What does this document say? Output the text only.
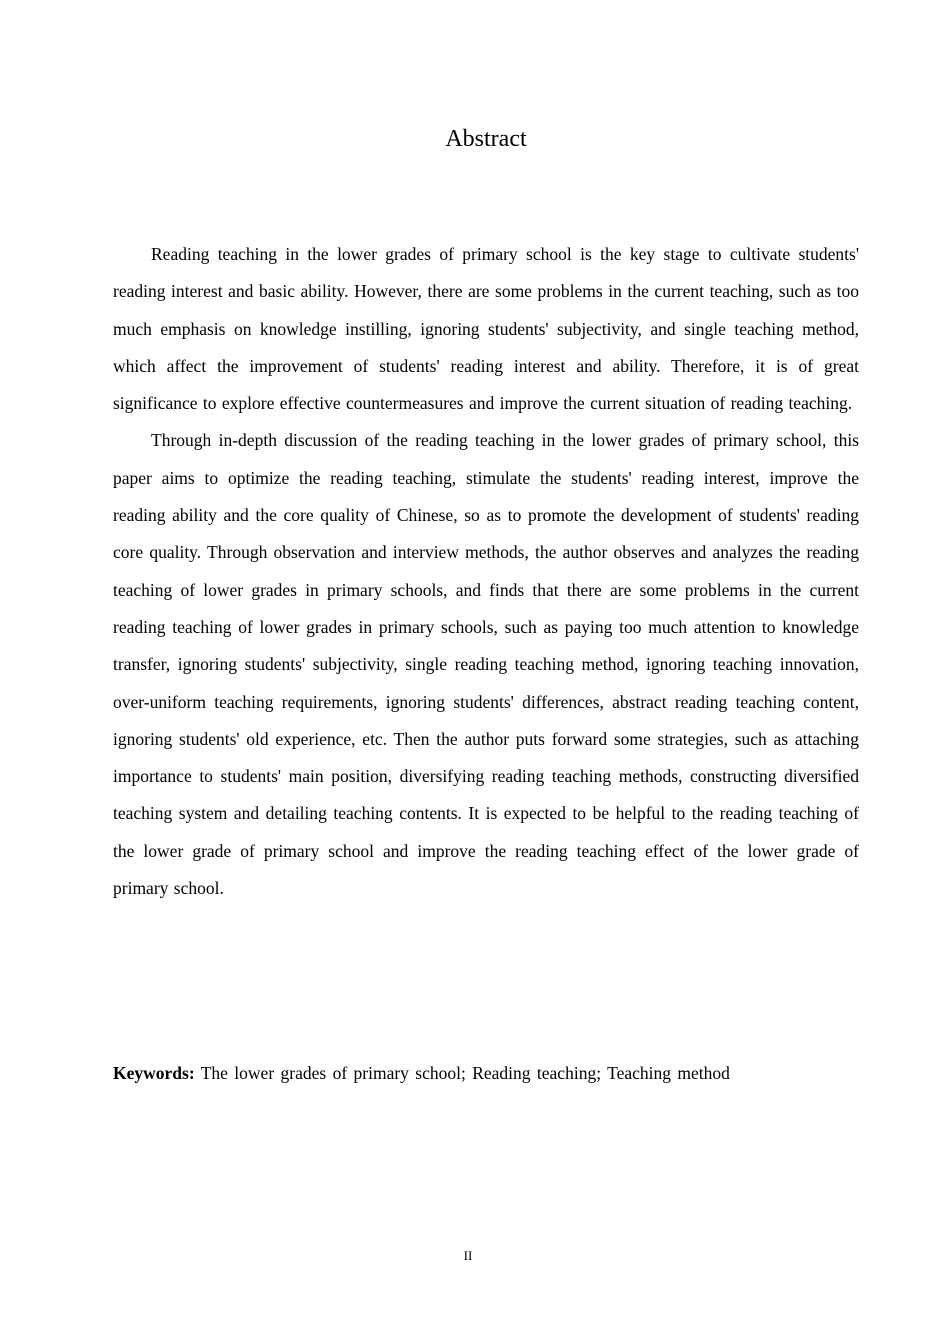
Abstract

Reading teaching in the lower grades of primary school is the key stage to cultivate students' reading interest and basic ability. However, there are some problems in the current teaching, such as too much emphasis on knowledge instilling, ignoring students' subjectivity, and single teaching method, which affect the improvement of students' reading interest and ability. Therefore, it is of great significance to explore effective countermeasures and improve the current situation of reading teaching.

Through in-depth discussion of the reading teaching in the lower grades of primary school, this paper aims to optimize the reading teaching, stimulate the students' reading interest, improve the reading ability and the core quality of Chinese, so as to promote the development of students' reading core quality. Through observation and interview methods, the author observes and analyzes the reading teaching of lower grades in primary schools, and finds that there are some problems in the current reading teaching of lower grades in primary schools, such as paying too much attention to knowledge transfer, ignoring students' subjectivity, single reading teaching method, ignoring teaching innovation, over-uniform teaching requirements, ignoring students' differences, abstract reading teaching content, ignoring students' old experience, etc. Then the author puts forward some strategies, such as attaching importance to students' main position, diversifying reading teaching methods, constructing diversified teaching system and detailing teaching contents. It is expected to be helpful to the reading teaching of the lower grade of primary school and improve the reading teaching effect of the lower grade of primary school.

Keywords: The lower grades of primary school; Reading teaching; Teaching method

II
